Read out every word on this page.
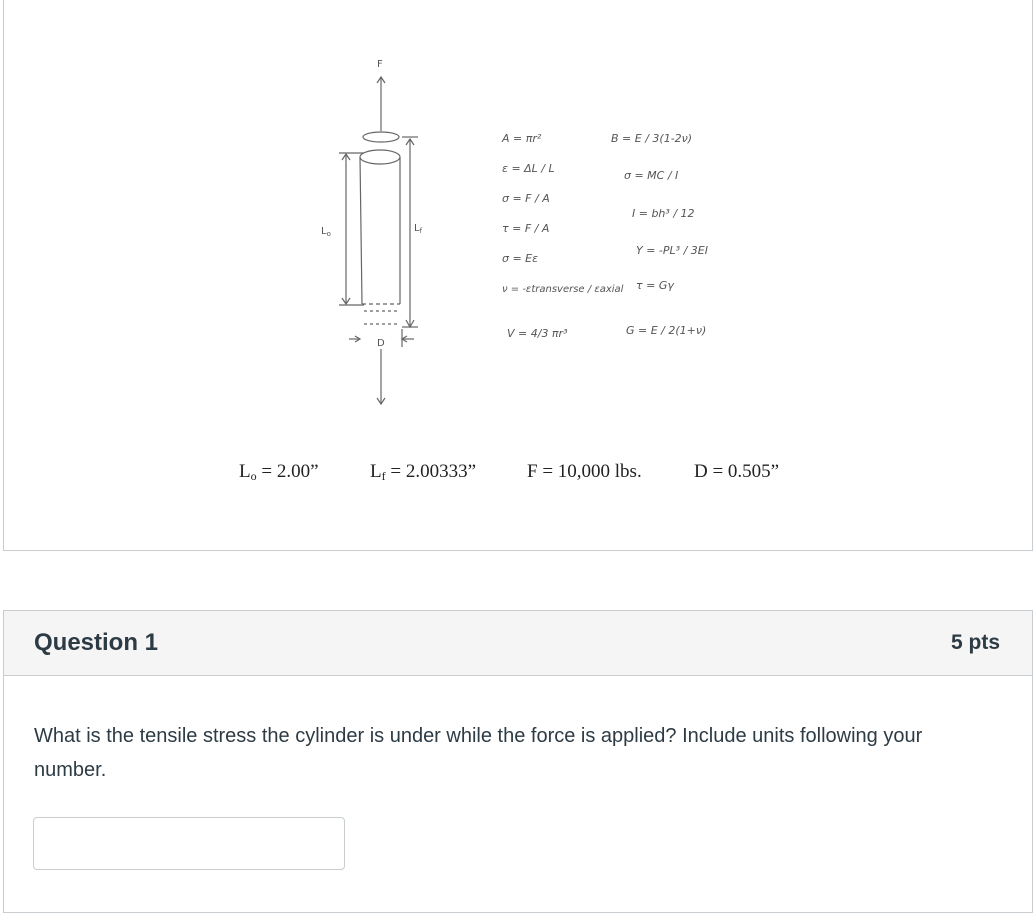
F
D
$L_o$	$L_f$
A = πr²
ε = ΔL / L
σ = F / A
τ = F / A
σ = Eε
ν = -εtransverse / εaxial
V = 4/3 πr³
B = E / 3(1-2ν)
σ = MC / I
I = bh³ / 12
Y = -PL³ / 3EI
τ = Gγ
G = E / 2(1+ν)
$L_o = 2.00$”	$L_f = 2.00333$”	F = 10,000 lbs.	D = 0.505”
Question 1	5 pts
What is the tensile stress the cylinder is under while the force is applied? Include units following your number.
